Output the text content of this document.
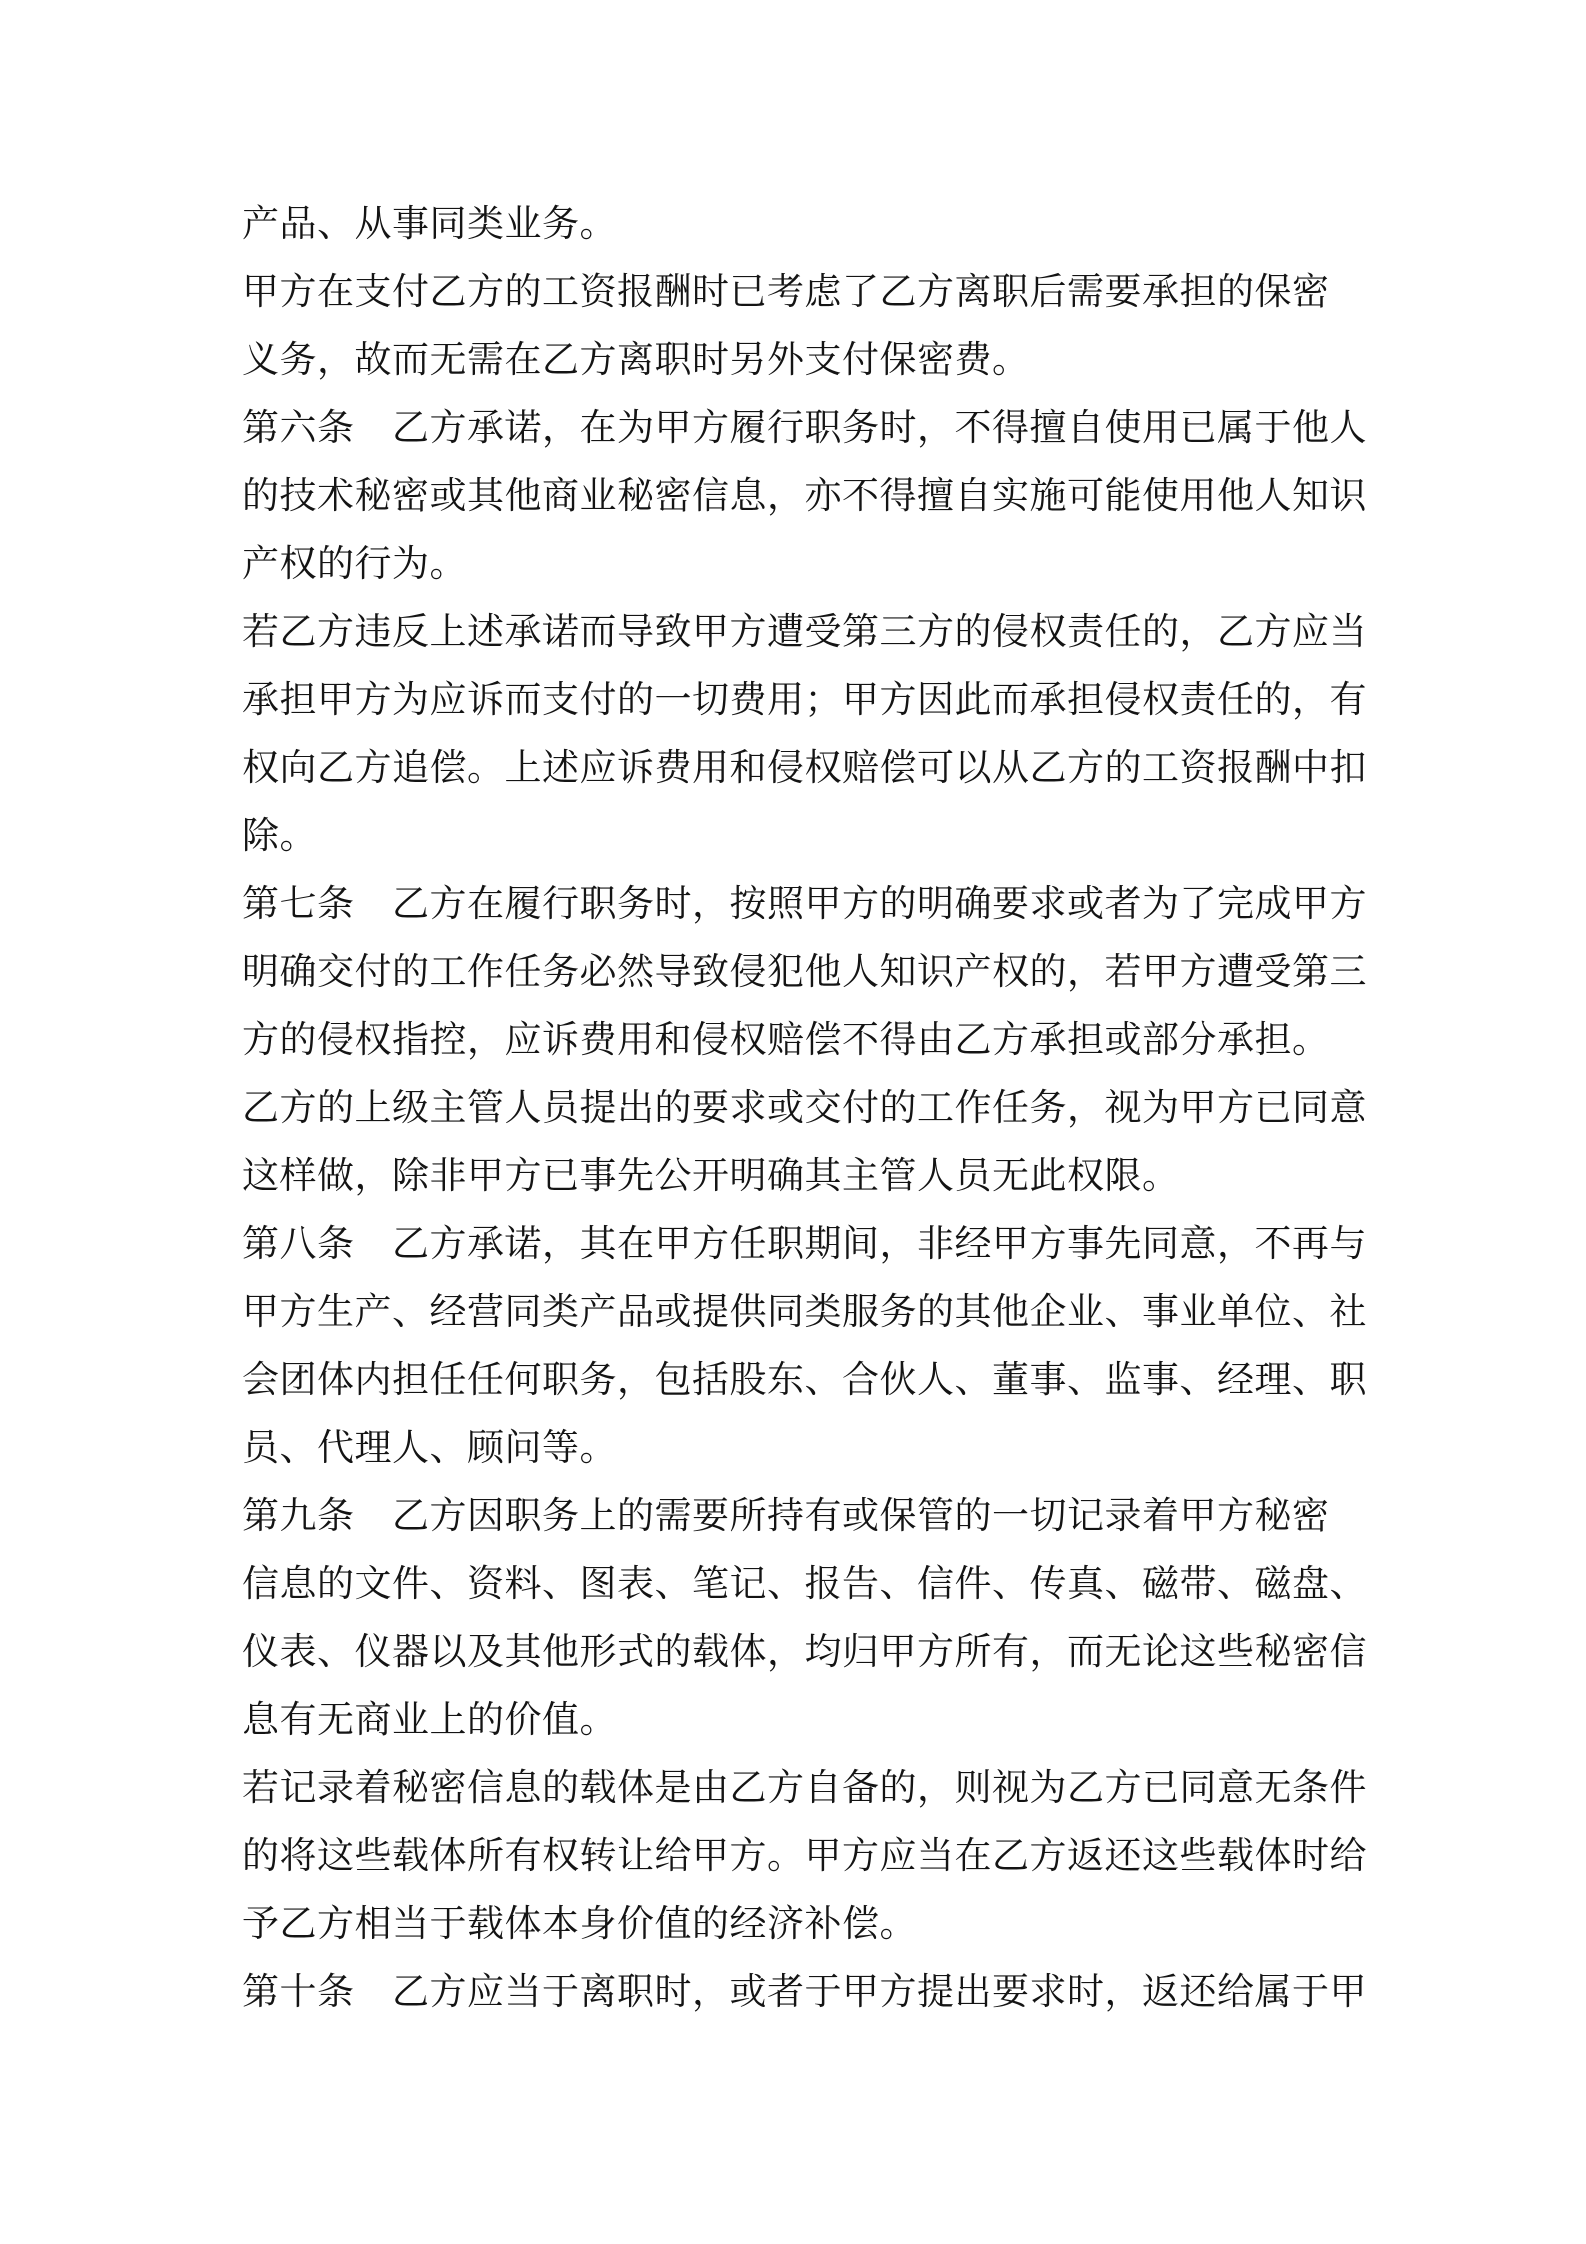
产品、从事同类业务。
甲方在支付乙方的工资报酬时已考虑了乙方离职后需要承担的保密
义务，故而无需在乙方离职时另外支付保密费。
第六条　乙方承诺，在为甲方履行职务时，不得擅自使用已属于他人
的技术秘密或其他商业秘密信息，亦不得擅自实施可能使用他人知识
产权的行为。
若乙方违反上述承诺而导致甲方遭受第三方的侵权责任的，乙方应当
承担甲方为应诉而支付的一切费用；甲方因此而承担侵权责任的，有
权向乙方追偿。上述应诉费用和侵权赔偿可以从乙方的工资报酬中扣
除。
第七条　乙方在履行职务时，按照甲方的明确要求或者为了完成甲方
明确交付的工作任务必然导致侵犯他人知识产权的，若甲方遭受第三
方的侵权指控，应诉费用和侵权赔偿不得由乙方承担或部分承担。
乙方的上级主管人员提出的要求或交付的工作任务，视为甲方已同意
这样做，除非甲方已事先公开明确其主管人员无此权限。
第八条　乙方承诺，其在甲方任职期间，非经甲方事先同意，不再与
甲方生产、经营同类产品或提供同类服务的其他企业、事业单位、社
会团体内担任任何职务，包括股东、合伙人、董事、监事、经理、职
员、代理人、顾问等。
第九条　乙方因职务上的需要所持有或保管的一切记录着甲方秘密
信息的文件、资料、图表、笔记、报告、信件、传真、磁带、磁盘、
仪表、仪器以及其他形式的载体，均归甲方所有，而无论这些秘密信
息有无商业上的价值。
若记录着秘密信息的载体是由乙方自备的，则视为乙方已同意无条件
的将这些载体所有权转让给甲方。甲方应当在乙方返还这些载体时给
予乙方相当于载体本身价值的经济补偿。
第十条　乙方应当于离职时，或者于甲方提出要求时，返还给属于甲
